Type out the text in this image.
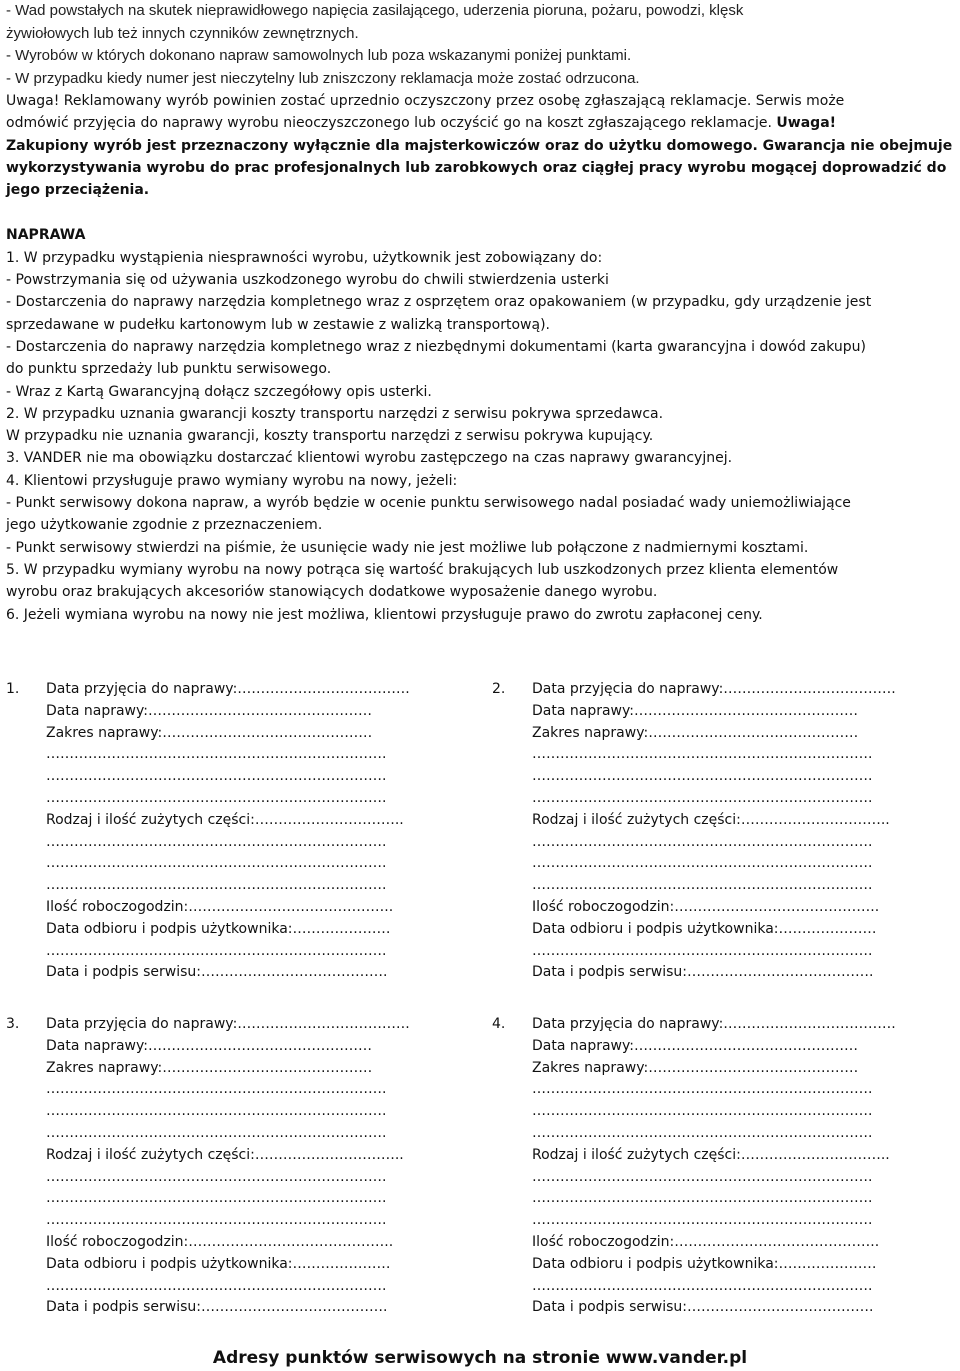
- Wad powstałych na skutek nieprawidłowego napięcia zasilającego, uderzenia pioruna, pożaru, powodzi, klęsk
żywiołowych lub też innych czynników zewnętrznych.
- Wyrobów w których dokonano napraw samowolnych lub poza wskazanymi poniżej punktami.
- W przypadku kiedy numer jest nieczytelny lub zniszczony reklamacja może zostać odrzucona.
Uwaga! Reklamowany wyrób powinien zostać uprzednio oczyszczony przez osobę zgłaszającą reklamacje. Serwis może
odmówić przyjęcia do naprawy wyrobu nieoczyszczonego lub oczyścić go na koszt zgłaszającego reklamacje. Uwaga!
Zakupiony wyrób jest przeznaczony wyłącznie dla majsterkowiczów oraz do użytku domowego. Gwarancja nie obejmuje
wykorzystywania wyrobu do prac profesjonalnych lub zarobkowych oraz ciągłej pracy wyrobu mogącej doprowadzić do
jego przeciążenia.
NAPRAWA
1. W przypadku wystąpienia niesprawności wyrobu, użytkownik jest zobowiązany do:
- Powstrzymania się od używania uszkodzonego wyrobu do chwili stwierdzenia usterki
- Dostarczenia do naprawy narzędzia kompletnego wraz z osprzętem oraz opakowaniem (w przypadku, gdy urządzenie jest
sprzedawane w pudełku kartonowym lub w zestawie z walizką transportową).
- Dostarczenia do naprawy narzędzia kompletnego wraz z niezbędnymi dokumentami (karta gwarancyjna i dowód zakupu)
do punktu sprzedaży lub punktu serwisowego.
- Wraz z Kartą Gwarancyjną dołącz szczegółowy opis usterki.
2. W przypadku uznania gwarancji koszty transportu narzędzi z serwisu pokrywa sprzedawca.
W przypadku nie uznania gwarancji, koszty transportu narzędzi z serwisu pokrywa kupujący.
3. VANDER nie ma obowiązku dostarczać klientowi wyrobu zastępczego na czas naprawy gwarancyjnej.
4. Klientowi przysługuje prawo wymiany wyrobu na nowy, jeżeli:
- Punkt serwisowy dokona napraw, a wyrób będzie w ocenie punktu serwisowego nadal posiadać wady uniemożliwiające
jego użytkowanie zgodnie z przeznaczeniem.
- Punkt serwisowy stwierdzi na piśmie, że usunięcie wady nie jest możliwe lub połączone z nadmiernymi kosztami.
5. W przypadku wymiany wyrobu na nowy potrąca się wartość brakujących lub uszkodzonych przez klienta elementów
wyrobu oraz brakujących akcesoriów stanowiących dodatkowe wyposażenie danego wyrobu.
6. Jeżeli wymiana wyrobu na nowy nie jest możliwa, klientowi przysługuje prawo do zwrotu zapłaconej ceny.
1. Data przyjęcia do naprawy:……………………………….
Data naprawy:…………………………………………
Zakres naprawy:………………………………………
……………………………………………………………….
……………………………………………………………….
……………………………………………………………….
Rodzaj i ilość zużytych części:…………………………..
……………………………………………………………….
……………………………………………………………….
……………………………………………………………….
Ilość roboczogodzin:……………………………………..
Data odbioru i podpis użytkownika:…………………
……………………………………………………………….
Data i podpis serwisu:………………………………….
2. Data przyjęcia do naprawy:……………………………….
Data naprawy:…………………………………………
Zakres naprawy:………………………………………
……………………………………………………………….
……………………………………………………………….
……………………………………………………………….
Rodzaj i ilość zużytych części:…………………………..
……………………………………………………………….
……………………………………………………………….
……………………………………………………………….
Ilość roboczogodzin:……………………………………..
Data odbioru i podpis użytkownika:…………………
……………………………………………………………….
Data i podpis serwisu:………………………………….
3. Data przyjęcia do naprawy:……………………………….
Data naprawy:…………………………………………
Zakres naprawy:………………………………………
……………………………………………………………….
……………………………………………………………….
……………………………………………………………….
Rodzaj i ilość zużytych części:…………………………..
……………………………………………………………….
……………………………………………………………….
……………………………………………………………….
Ilość roboczogodzin:……………………………………..
Data odbioru i podpis użytkownika:…………………
……………………………………………………………….
Data i podpis serwisu:………………………………….
4. Data przyjęcia do naprawy:……………………………….
Data naprawy:…………………………………………
Zakres naprawy:………………………………………
……………………………………………………………….
……………………………………………………………….
……………………………………………………………….
Rodzaj i ilość zużytych części:…………………………..
……………………………………………………………….
……………………………………………………………….
……………………………………………………………….
Ilość roboczogodzin:……………………………………..
Data odbioru i podpis użytkownika:…………………
……………………………………………………………….
Data i podpis serwisu:………………………………….
Adresy punktów serwisowych na stronie www.vander.pl
